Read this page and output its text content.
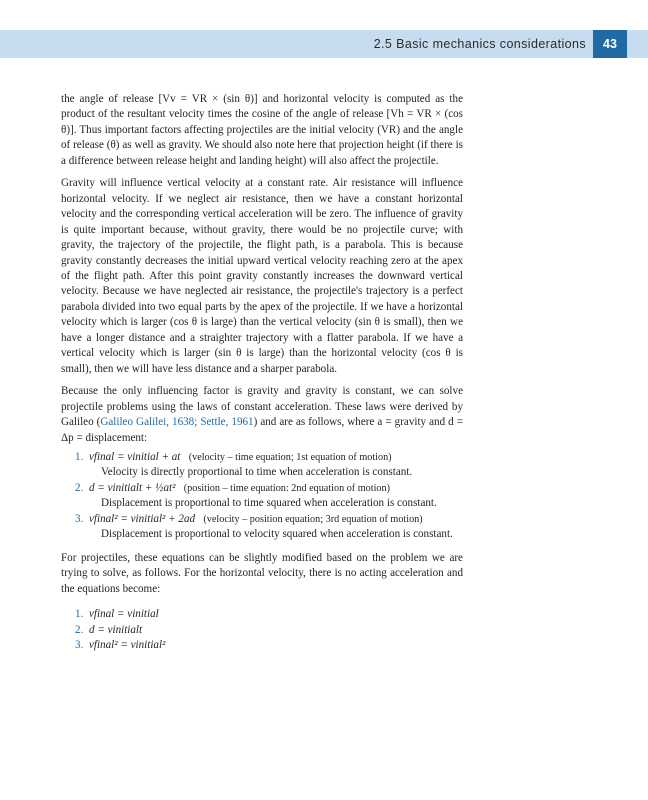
2.5 Basic mechanics considerations	43

the angle of release [Vv = VR × (sin θ)] and horizontal velocity is computed as the product of the resultant velocity times the cosine of the angle of release [Vh = VR × (cos θ)]. Thus important factors affecting projectiles are the initial velocity (VR) and the angle of release (θ) as well as gravity. We should also note here that projection height (if there is a difference between release height and landing height) will also affect the projectile.

Gravity will influence vertical velocity at a constant rate. Air resistance will influence horizontal velocity. If we neglect air resistance, then we have a constant horizontal velocity and the corresponding vertical acceleration will be zero. The influence of gravity is quite important because, without gravity, there would be no projectile curve; with gravity, the trajectory of the projectile, the flight path, is a parabola. This is because gravity constantly decreases the initial upward vertical velocity reaching zero at the apex of the flight path. After this point gravity constantly increases the downward vertical velocity. Because we have neglected air resistance, the projectile's trajectory is a perfect parabola divided into two equal parts by the apex of the projectile. If we have a horizontal velocity which is larger (cos θ is large) than the vertical velocity (sin θ is small), then we have a longer distance and a straighter trajectory with a flatter parabola. If we have a vertical velocity which is larger (sin θ is large) than the horizontal velocity (cos θ is small), then we will have less distance and a sharper parabola.

Because the only influencing factor is gravity and gravity is constant, we can solve projectile problems using the laws of constant acceleration. These laws were derived by Galileo (Galileo Galilei, 1638; Settle, 1961) and are as follows, where a = gravity and d = Δp = displacement:

1. vfinal = vinitial + at (velocity – time equation; 1st equation of motion)
Velocity is directly proportional to time when acceleration is constant.
2. d = vinitialt + ½at² (position – time equation: 2nd equation of motion)
Displacement is proportional to time squared when acceleration is constant.
3. vfinal² = vinitial² + 2ad (velocity – position equation; 3rd equation of motion)
Displacement is proportional to velocity squared when acceleration is constant.

For projectiles, these equations can be slightly modified based on the problem we are trying to solve, as follows. For the horizontal velocity, there is no acting acceleration and the equations become:

1. vfinal = vinitial
2. d = vinitialt
3. vfinal² = vinitial²
